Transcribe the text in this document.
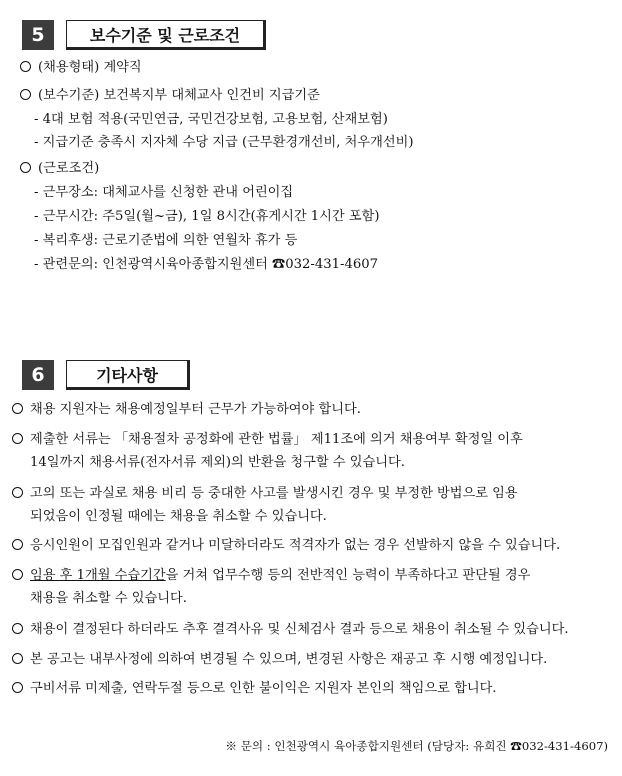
5	보수기준 및 근로조건
(채용형태) 계약직
(보수기준) 보건복지부 대체교사 인건비 지급기준
- 4대 보험 적용(국민연금, 국민건강보험, 고용보험, 산재보험)
- 지급기준 충족시 지자체 수당 지급 (근무환경개선비, 처우개선비)
(근로조건)
- 근무장소: 대체교사를 신청한 관내 어린이집
- 근무시간: 주5일(월~금), 1일 8시간(휴게시간 1시간 포함)
- 복리후생: 근로기준법에 의한 연월차 휴가 등
- 관련문의: 인천광역시육아종합지원센터 ☎032-431-4607
6	기타사항
채용 지원자는 채용예정일부터 근무가 가능하여야 합니다.
제출한 서류는 「채용절차 공정화에 관한 법률」 제11조에 의거 채용여부 확정일 이후
14일까지 채용서류(전자서류 제외)의 반환을 청구할 수 있습니다.
고의 또는 과실로 채용 비리 등 중대한 사고를 발생시킨 경우 및 부정한 방법으로 임용
되었음이 인정될 때에는 채용을 취소할 수 있습니다.
응시인원이 모집인원과 같거나 미달하더라도 적격자가 없는 경우 선발하지 않을 수 있습니다.
임용 후 1개월 수습기간을 거쳐 업무수행 등의 전반적인 능력이 부족하다고 판단될 경우
채용을 취소할 수 있습니다.
채용이 결정된다 하더라도 추후 결격사유 및 신체검사 결과 등으로 채용이 취소될 수 있습니다.
본 공고는 내부사정에 의하여 변경될 수 있으며, 변경된 사항은 재공고 후 시행 예정입니다.
구비서류 미제출, 연락두절 등으로 인한 불이익은 지원자 본인의 책임으로 합니다.
※ 문의 : 인천광역시 육아종합지원센터 (담당자: 유희진 ☎032-431-4607)
